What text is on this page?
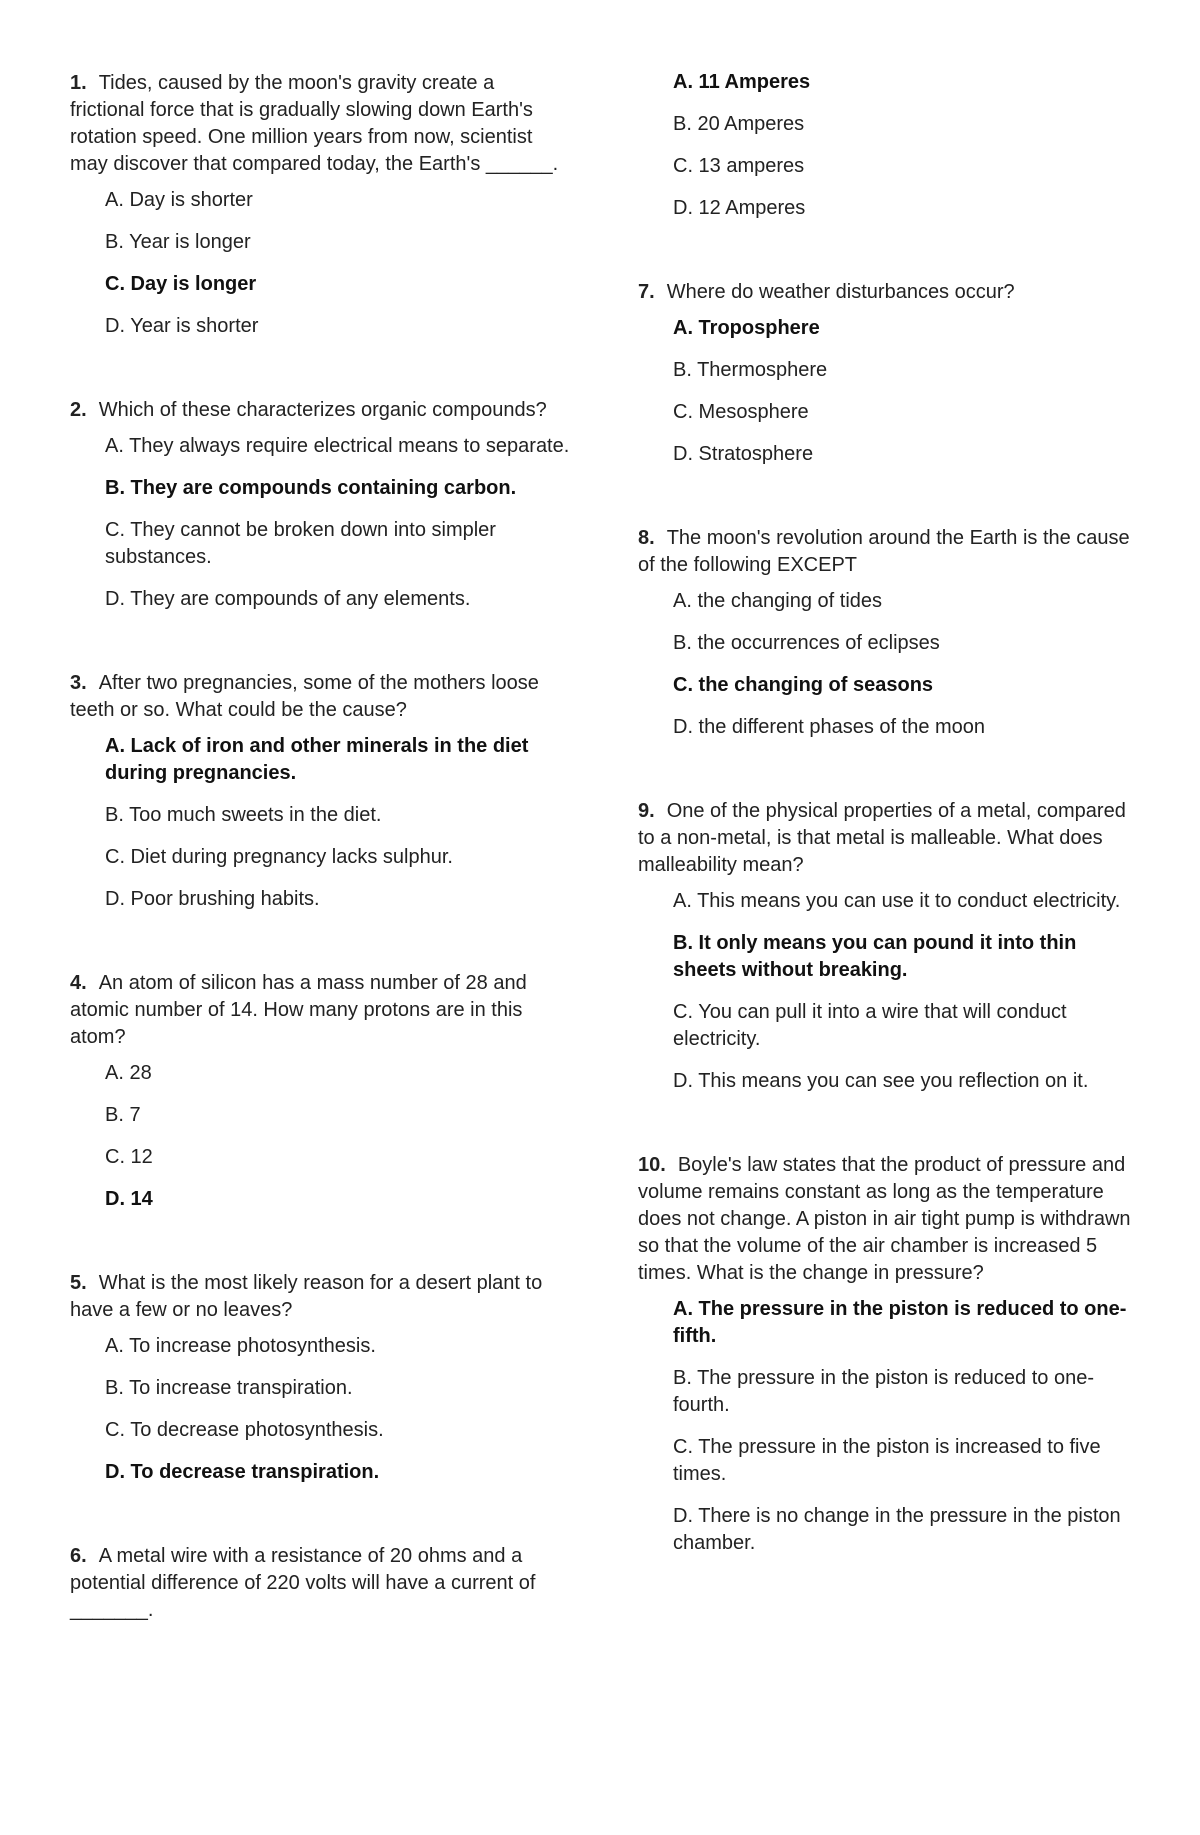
1. Tides, caused by the moon's gravity create a frictional force that is gradually slowing down Earth's rotation speed. One million years from now, scientist may discover that compared today, the Earth's ______.
A. Day is shorter
B. Year is longer
C. Day is longer
D. Year is shorter
2. Which of these characterizes organic compounds?
A. They always require electrical means to separate.
B. They are compounds containing carbon.
C. They cannot be broken down into simpler substances.
D. They are compounds of any elements.
3. After two pregnancies, some of the mothers loose teeth or so. What could be the cause?
A. Lack of iron and other minerals in the diet during pregnancies.
B. Too much sweets in the diet.
C. Diet during pregnancy lacks sulphur.
D. Poor brushing habits.
4. An atom of silicon has a mass number of 28 and atomic number of 14. How many protons are in this atom?
A. 28
B. 7
C. 12
D. 14
5. What is the most likely reason for a desert plant to have a few or no leaves?
A. To increase photosynthesis.
B. To increase transpiration.
C. To decrease photosynthesis.
D. To decrease transpiration.
6. A metal wire with a resistance of 20 ohms and a potential difference of 220 volts will have a current of _______.
A. 11 Amperes
B. 20 Amperes
C. 13 amperes
D. 12 Amperes
7. Where do weather disturbances occur?
A. Troposphere
B. Thermosphere
C. Mesosphere
D. Stratosphere
8. The moon's revolution around the Earth is the cause of the following EXCEPT
A. the changing of tides
B. the occurrences of eclipses
C. the changing of seasons
D. the different phases of the moon
9. One of the physical properties of a metal, compared to a non-metal, is that metal is malleable. What does malleability mean?
A. This means you can use it to conduct electricity.
B. It only means you can pound it into thin sheets without breaking.
C. You can pull it into a wire that will conduct electricity.
D. This means you can see you reflection on it.
10. Boyle's law states that the product of pressure and volume remains constant as long as the temperature does not change. A piston in air tight pump is withdrawn so that the volume of the air chamber is increased 5 times. What is the change in pressure?
A. The pressure in the piston is reduced to one-fifth.
B. The pressure in the piston is reduced to one-fourth.
C. The pressure in the piston is increased to five times.
D. There is no change in the pressure in the piston chamber.
